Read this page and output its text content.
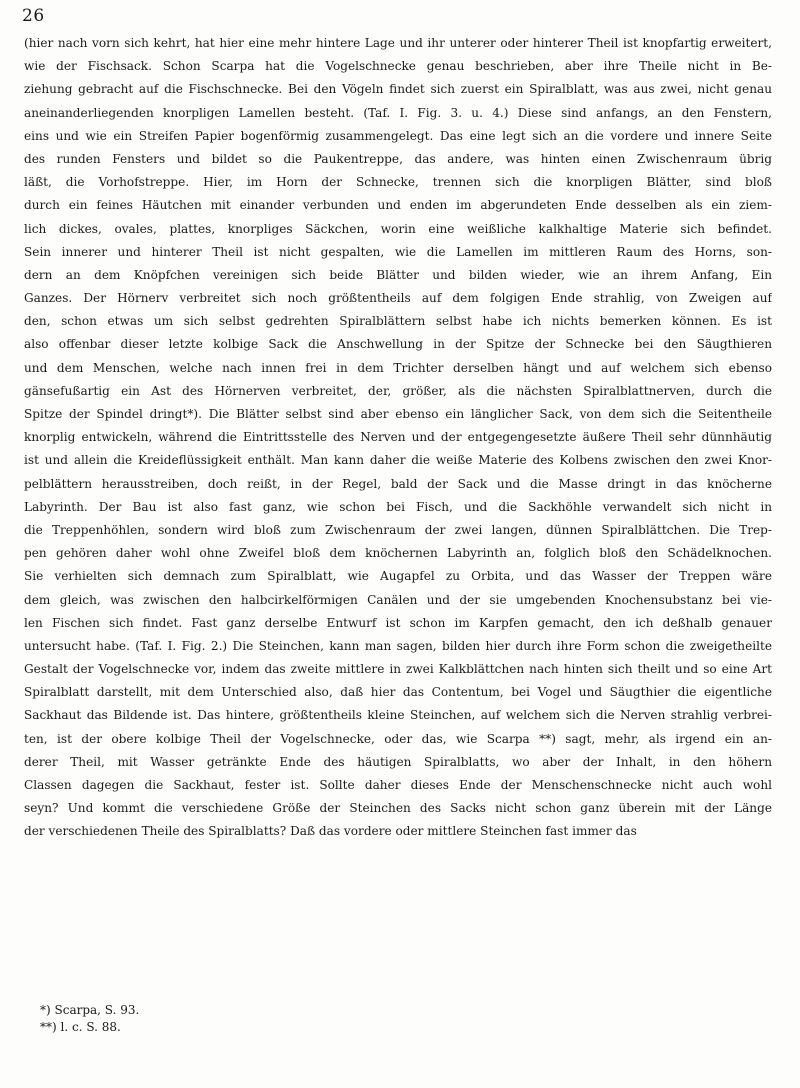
26
(hier nach vorn sich kehrt, hat hier eine mehr hintere Lage und ihr unterer oder hinterer Theil ist knopfartig erweitert,
wie der Fischsack. Schon Scarpa hat die Vogelschnecke genau beschrieben, aber ihre Theile nicht in Be-
ziehung gebracht auf die Fischschnecke. Bei den Vögeln findet sich zuerst ein Spiralblatt, was aus zwei, nicht genau
aneinanderliegenden knorpligen Lamellen besteht. (Taf. I. Fig. 3. u. 4.) Diese sind anfangs, an den Fenstern,
eins und wie ein Streifen Papier bogenförmig zusammengelegt. Das eine legt sich an die vordere und innere Seite
des runden Fensters und bildet so die Paukentreppe, das andere, was hinten einen Zwischenraum übrig
läßt, die Vorhofstreppe. Hier, im Horn der Schnecke, trennen sich die knorpligen Blätter, sind bloß
durch ein feines Häutchen mit einander verbunden und enden im abgerundeten Ende desselben als ein ziem-
lich dickes, ovales, plattes, knorpliges Säckchen, worin eine weißliche kalkhaltige Materie sich befindet.
Sein innerer und hinterer Theil ist nicht gespalten, wie die Lamellen im mittleren Raum des Horns, son-
dern an dem Knöpfchen vereinigen sich beide Blätter und bilden wieder, wie an ihrem Anfang, Ein
Ganzes. Der Hörnerv verbreitet sich noch größtentheils auf dem folgigen Ende strahlig, von Zweigen auf
den, schon etwas um sich selbst gedrehten Spiralblättern selbst habe ich nichts bemerken können. Es ist
also offenbar dieser letzte kolbige Sack die Anschwellung in der Spitze der Schnecke bei den Säugthieren
und dem Menschen, welche nach innen frei in dem Trichter derselben hängt und auf welchem sich ebenso
gänsefußartig ein Ast des Hörnerven verbreitet, der, größer, als die nächsten Spiralblattnerven, durch die
Spitze der Spindel dringt*). Die Blätter selbst sind aber ebenso ein länglicher Sack, von dem sich die Seitentheile
knorplig entwickeln, während die Eintrittsstelle des Nerven und der entgegengesetzte äußere Theil sehr dünnhäutig
ist und allein die Kreideflüssigkeit enthält. Man kann daher die weiße Materie des Kolbens zwischen den zwei Knor-
pelblättern herausstreiben, doch reißt, in der Regel, bald der Sack und die Masse dringt in das knöcherne
Labyrinth. Der Bau ist also fast ganz, wie schon bei Fisch, und die Sackhöhle verwandelt sich nicht in
die Treppenhöhlen, sondern wird bloß zum Zwischenraum der zwei langen, dünnen Spiralblättchen. Die Trep-
pen gehören daher wohl ohne Zweifel bloß dem knöchernen Labyrinth an, folglich bloß den Schädelknochen.
Sie verhielten sich demnach zum Spiralblatt, wie Augapfel zu Orbita, und das Wasser der Treppen wäre
dem gleich, was zwischen den halbcirkelförmigen Canälen und der sie umgebenden Knochensubstanz bei vie-
len Fischen sich findet. Fast ganz derselbe Entwurf ist schon im Karpfen gemacht, den ich deßhalb genauer
untersucht habe. (Taf. I. Fig. 2.) Die Steinchen, kann man sagen, bilden hier durch ihre Form schon die zweigetheilte
Gestalt der Vogelschnecke vor, indem das zweite mittlere in zwei Kalkblättchen nach hinten sich theilt und so eine Art
Spiralblatt darstellt, mit dem Unterschied also, daß hier das Contentum, bei Vogel und Säugthier die eigentliche
Sackhaut das Bildende ist. Das hintere, größtentheils kleine Steinchen, auf welchem sich die Nerven strahlig verbrei-
ten, ist der obere kolbige Theil der Vogelschnecke, oder das, wie Scarpa **) sagt, mehr, als irgend ein an-
derer Theil, mit Wasser getränkte Ende des häutigen Spiralblatts, wo aber der Inhalt, in den höhern
Classen dagegen die Sackhaut, fester ist. Sollte daher dieses Ende der Menschenschnecke nicht auch wohl
seyn? Und kommt die verschiedene Größe der Steinchen des Sacks nicht schon ganz überein mit der Länge
der verschiedenen Theile des Spiralblatts? Daß das vordere oder mittlere Steinchen fast immer das
*) Scarpa, S. 93.
**) l. c. S. 88.
